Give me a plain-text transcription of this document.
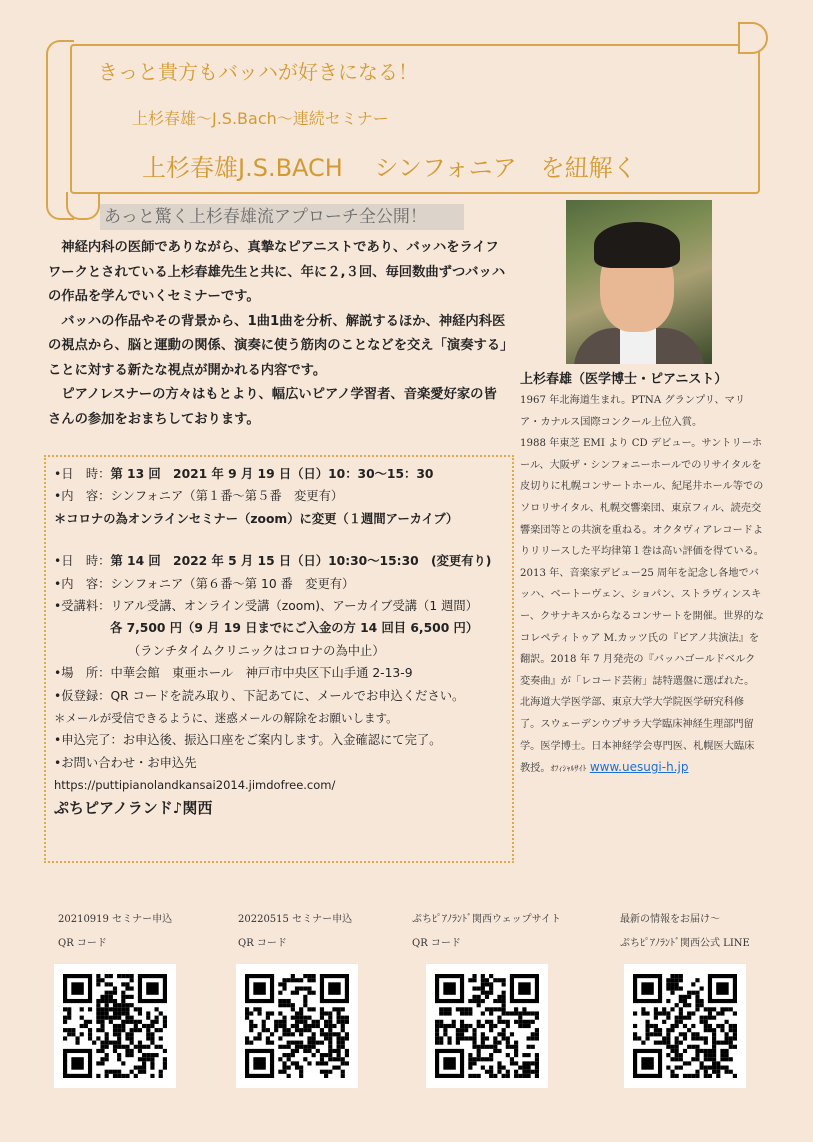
きっと貴方もバッハが好きになる！
上杉春雄～J.S.Bach～連続セミナー
上杉春雄J.S.BACH　 シンフォニア　を紐解く
あっと驚く上杉春雄流アプローチ全公開！

神経内科の医師でありながら、真摯なピアニストであり、バッハをライフワークとされている上杉春雄先生と共に、年に２,３回、毎回数曲ずつバッハの作品を学んでいくセミナーです。

バッハの作品やその背景から、1曲1曲を分析、解説するほか、神経内科医の視点から、脳と運動の関係、演奏に使う筋肉のことなどを交え「演奏する」ことに対する新たな視点が開かれる内容です。

ピアノレスナーの方々はもとより、幅広いピアノ学習者、音楽愛好家の皆さんの参加をおまちしております。

上杉春雄（医学博士・ピアニスト）

1967 年北海道生まれ。PTNA グランプリ、マリア・カナルス国際コンクール上位入賞。

1988 年東芝 EMI より CD デビュー。サントリーホール、大阪ザ・シンフォニーホールでのリサイタルを皮切りに札幌コンサートホール、紀尾井ホール等でのソロリサイタル、札幌交響楽団、東京フィル、読売交響楽団等との共演を重ねる。オクタヴィアレコードよりリリースした平均律第１巻は高い評価を得ている。

2013 年、音楽家デビュー25 周年を記念し各地でバッハ、ベートーヴェン、ショパン、ストラヴィンスキー、クサナキスからなるコンサートを開催。世界的なコレペティトゥア M.カッツ氏の『ピアノ共演法』を翻訳。2018 年 7 月発売の『バッハゴールドベルク変奏曲』が「レコード芸術」誌特選盤に選ばれた。

北海道大学医学部、東京大学大学院医学研究科修了。スウェーデンウプサラ大学臨床神経生理部門留学。医学博士。日本神経学会専門医、札幌医大臨床教授。ｵﾌｨｼｬﾙｻｲﾄ www.uesugi-h.jp

•日　時：第 13 回　2021 年 9 月 19 日（日）10：30～15：30
•内　容：シンフォニア（第１番～第５番　変更有）
＊コロナの為オンラインセミナー（zoom）に変更（１週間アーカイブ）
•日　時：第 14 回　2022 年 5 月 15 日（日）10:30～15:30　(変更有り)
•内　容：シンフォニア（第６番～第 10 番　変更有）
•受講料：リアル受講、オンライン受講（zoom)、アーカイブ受講（1 週間）
各 7,500 円（9 月 19 日までにご入金の方 14 回目 6,500 円）
（ランチタイムクリニックはコロナの為中止）
•場　所：中華会館　東亜ホール　神戸市中央区下山手通 2-13-9
•仮登録：QR コードを読み取り、下記あてに、メールでお申込ください。
＊メールが受信できるように、迷惑メールの解除をお願いします。
•申込完了：お申込後、振込口座をご案内します。入金確認にて完了。
•お問い合わせ・お申込先
https://puttipianolandkansai2014.jimdofree.com/
ぷちピアノランド♪関西
20210919 セミナー申込
QR コード
20220515 セミナー申込
QR コード
ぷちﾋﾟｱﾉﾗﾝﾄﾞ関西ウェップサイト
QR コード
最新の情報をお届け～
ぷちﾋﾟｱﾉﾗﾝﾄﾞ関西公式 LINE
